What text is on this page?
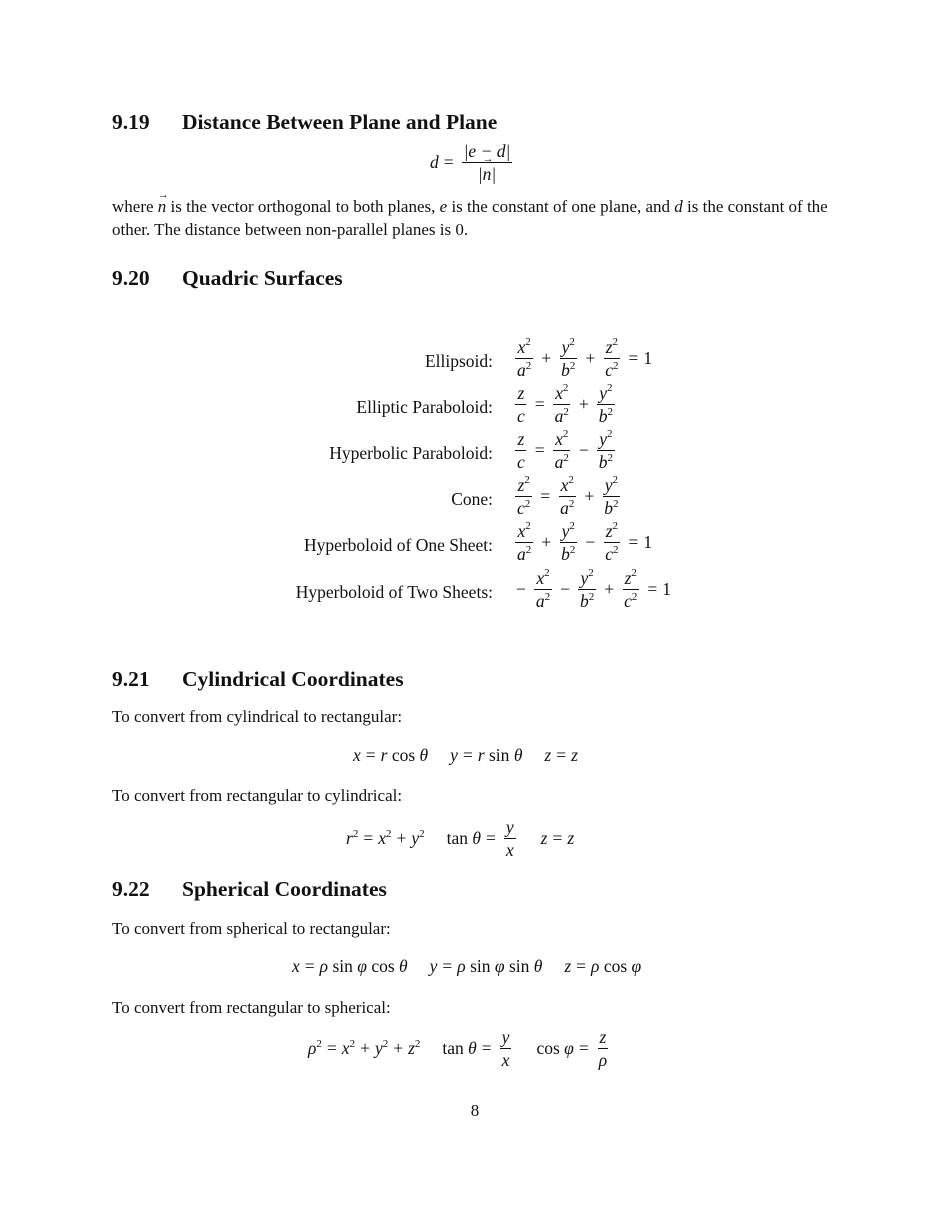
9.19 Distance Between Plane and Plane
$d = \frac{|e - d|}{|\to n|}$
where → n is the vector orthogonal to both planes, e is the constant of one plane, and d is the constant of the other. The distance between non-parallel planes is 0.
9.20 Quadric Surfaces
Ellipsoid: $\frac{x^2}{a^2} + \frac{y^2}{b^2} + \frac{z^2}{c^2} = 1$
Elliptic Paraboloid: $\frac{z}{c} = \frac{x^2}{a^2} + \frac{y^2}{b^2}$
Hyperbolic Paraboloid: $\frac{z}{c} = \frac{x^2}{a^2} - \frac{y^2}{b^2}$
Cone: $\frac{z^2}{c^2} = \frac{x^2}{a^2} + \frac{y^2}{b^2}$
Hyperboloid of One Sheet: $\frac{x^2}{a^2} + \frac{y^2}{b^2} - \frac{z^2}{c^2} = 1$
Hyperboloid of Two Sheets: − $\frac{x^2}{a^2} - \frac{y^2}{b^2} + \frac{z^2}{c^2} = 1$
9.21 Cylindrical Coordinates
To convert from cylindrical to rectangular:
x = r
cos
θ y = r
sin
θ z = z
To convert from rectangular to cylindrical:
$r^2 = x^2 + y^2$ tan
$\theta = \frac{y}{x}$ z = z
9.22 Spherical Coordinates
To convert from spherical to rectangular:
x = ρ
sin
φ
cos
θ y = ρ
sin
φ
sin
θ z = ρ
cos
φ
To convert from rectangular to spherical:
$\rho^2 = x^2 + y^2 + z^2$ tan
$\theta = \frac{y}{x}$ cos
$\varphi = \frac{z}{\rho}$
8
